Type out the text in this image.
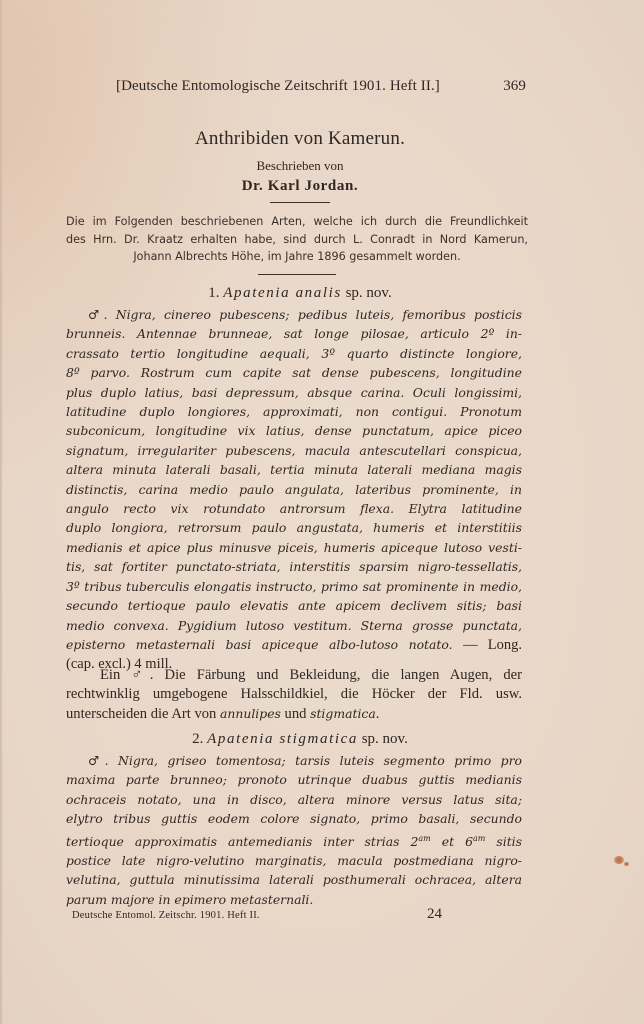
[Deutsche Entomologische Zeitschrift 1901. Heft II.]	369
Anthribiden von Kamerun.
Beschrieben von
Dr. Karl Jordan.
Die im Folgenden beschriebenen Arten, welche ich durch die Freundlichkeit
des Hrn. Dr. Kraatz erhalten habe, sind durch L. Conradt in Nord Kamerun,
Johann Albrechts Höhe, im Jahre 1896 gesammelt worden.
1. Apatenia analis sp. nov.
♂. Nigra, cinereo pubescens; pedibus luteis, femoribus posticis
brunneis. Antennae brunneae, sat longe pilosae, articulo 2º in-
crassato tertio longitudine aequali, 3º quarto distincte longiore,
8º parvo. Rostrum cum capite sat dense pubescens, longitudine
plus duplo latius, basi depressum, absque carina. Oculi longissimi,
latitudine duplo longiores, approximati, non contigui. Pronotum
subconicum, longitudine vix latius, dense punctatum, apice piceo
signatum, irregulariter pubescens, macula antescutellari conspicua,
altera minuta laterali basali, tertia minuta laterali mediana magis
distinctis, carina medio paulo angulata, lateribus prominente, in
angulo recto vix rotundato antrorsum flexa. Elytra latitudine
duplo longiora, retrorsum paulo angustata, humeris et interstitiis
medianis et apice plus minusve piceis, humeris apiceque lutoso vesti-
tis, sat fortiter punctato-striata, interstitis sparsim nigro-tessellatis,
3º tribus tuberculis elongatis instructo, primo sat prominente in medio,
secundo tertioque paulo elevatis ante apicem declivem sitis; basi
medio convexa. Pygidium lutoso vestitum. Sterna grosse punctata,
episterno metasternali basi apiceque albo-lutoso notato. — Long.
(cap. excl.) 4 mill.
Ein ♂. Die Färbung und Bekleidung, die langen Augen, der
rechtwinklig umgebogene Halsschildkiel, die Höcker der Fld. usw.
unterscheiden die Art von annulipes und stigmatica.
2. Apatenia stigmatica sp. nov.
♂. Nigra, griseo tomentosa; tarsis luteis segmento primo pro
maxima parte brunneo; pronoto utrinque duabus guttis medianis
ochraceis notato, una in disco, altera minore versus latus sita;
elytro tribus guttis eodem colore signato, primo basali, secundo
tertioque approximatis antemedianis inter strias $2^{am}$ et $6^{am}$ sitis
postice late nigro-velutino marginatis, macula postmediana nigro-
velutina, guttula minutissima laterali posthumerali ochracea, altera
parum majore in epimero metasternali.
Deutsche Entomol. Zeitschr. 1901. Heft II.	24
